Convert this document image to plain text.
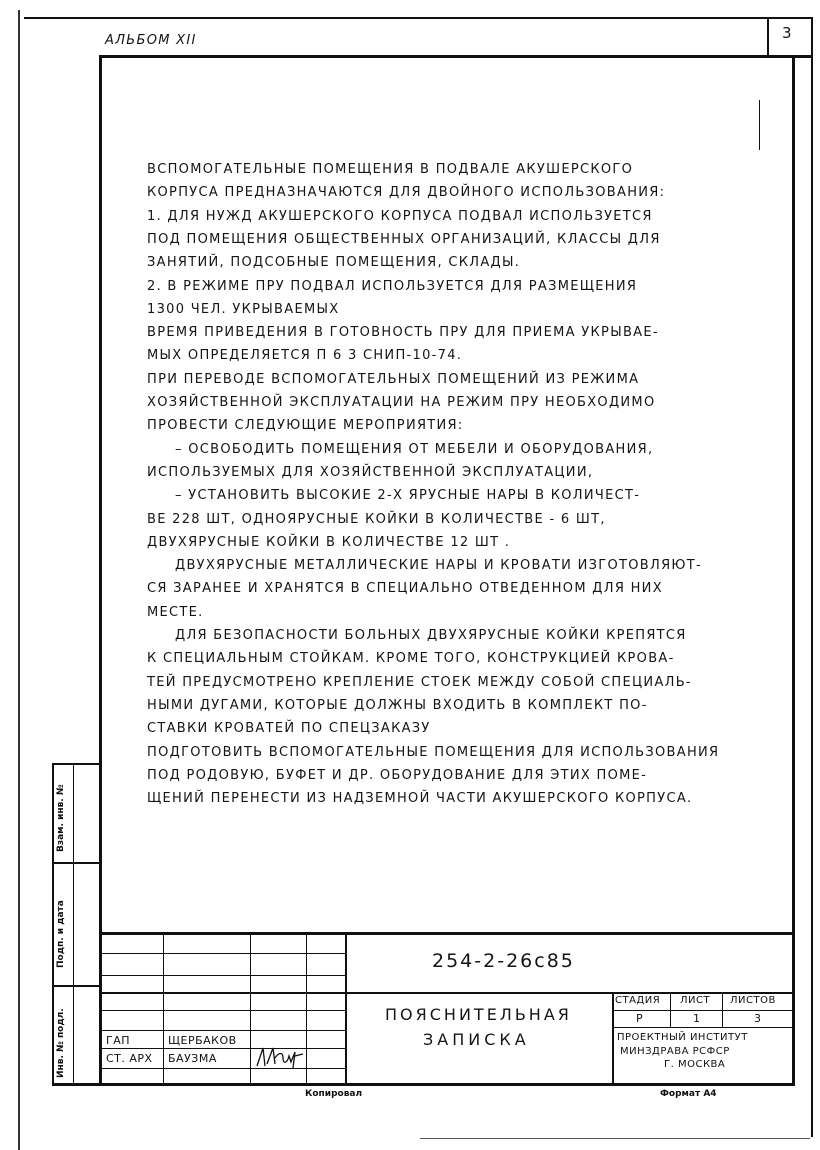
3
АЛЬБОМ XII
ВСПОМОГАТЕЛЬНЫЕ ПОМЕЩЕНИЯ В ПОДВАЛЕ АКУШЕРСКОГО
КОРПУСА ПРЕДНАЗНАЧАЮТСЯ ДЛЯ ДВОЙНОГО ИСПОЛЬЗОВАНИЯ:
1. ДЛЯ НУЖД АКУШЕРСКОГО КОРПУСА ПОДВАЛ ИСПОЛЬЗУЕТСЯ
ПОД ПОМЕЩЕНИЯ ОБЩЕСТВЕННЫХ ОРГАНИЗАЦИЙ, КЛАССЫ ДЛЯ
ЗАНЯТИЙ, ПОДСОБНЫЕ ПОМЕЩЕНИЯ, СКЛАДЫ.
2. В РЕЖИМЕ ПРУ ПОДВАЛ ИСПОЛЬЗУЕТСЯ ДЛЯ РАЗМЕЩЕНИЯ
1300 ЧЕЛ. УКРЫВАЕМЫХ
ВРЕМЯ ПРИВЕДЕНИЯ В ГОТОВНОСТЬ ПРУ ДЛЯ ПРИЕМА УКРЫВАЕ-
МЫХ ОПРЕДЕЛЯЕТСЯ П 6 3 СНИП-10-74.
ПРИ ПЕРЕВОДЕ ВСПОМОГАТЕЛЬНЫХ ПОМЕЩЕНИЙ ИЗ РЕЖИМА
ХОЗЯЙСТВЕННОЙ ЭКСПЛУАТАЦИИ НА РЕЖИМ ПРУ НЕОБХОДИМО
ПРОВЕСТИ СЛЕДУЮЩИЕ МЕРОПРИЯТИЯ:
– ОСВОБОДИТЬ ПОМЕЩЕНИЯ ОТ МЕБЕЛИ И ОБОРУДОВАНИЯ,
ИСПОЛЬЗУЕМЫХ ДЛЯ ХОЗЯЙСТВЕННОЙ ЭКСПЛУАТАЦИИ,
– УСТАНОВИТЬ ВЫСОКИЕ 2-Х ЯРУСНЫЕ НАРЫ В КОЛИЧЕСТ-
ВЕ 228 ШТ, ОДНОЯРУСНЫЕ КОЙКИ В КОЛИЧЕСТВЕ - 6 ШТ,
ДВУХЯРУСНЫЕ КОЙКИ В КОЛИЧЕСТВЕ 12 ШТ .
ДВУХЯРУСНЫЕ МЕТАЛЛИЧЕСКИЕ НАРЫ И КРОВАТИ ИЗГОТОВЛЯЮТ-
СЯ ЗАРАНЕЕ И ХРАНЯТСЯ В СПЕЦИАЛЬНО ОТВЕДЕННОМ ДЛЯ НИХ
МЕСТЕ.
ДЛЯ БЕЗОПАСНОСТИ БОЛЬНЫХ ДВУХЯРУСНЫЕ КОЙКИ КРЕПЯТСЯ
К СПЕЦИАЛЬНЫМ СТОЙКАМ. КРОМЕ ТОГО, КОНСТРУКЦИЕЙ КРОВА-
ТЕЙ ПРЕДУСМОТРЕНО КРЕПЛЕНИЕ СТОЕК МЕЖДУ СОБОЙ СПЕЦИАЛЬ-
НЫМИ ДУГАМИ, КОТОРЫЕ ДОЛЖНЫ ВХОДИТЬ В КОМПЛЕКТ ПО-
СТАВКИ КРОВАТЕЙ ПО СПЕЦЗАКАЗУ
ПОДГОТОВИТЬ ВСПОМОГАТЕЛЬНЫЕ ПОМЕЩЕНИЯ ДЛЯ ИСПОЛЬЗОВАНИЯ
ПОД РОДОВУЮ, БУФЕТ И ДР. ОБОРУДОВАНИЕ ДЛЯ ЭТИХ ПОМЕ-
ЩЕНИЙ ПЕРЕНЕСТИ ИЗ НАДЗЕМНОЙ ЧАСТИ АКУШЕРСКОГО КОРПУСА.
Взам. инв. №
Подп. и дата
Инв. № подл.
254-2-26с85
ПОЯСНИТЕЛЬНАЯ
ЗАПИСКА
СТАДИЯ ЛИСТ ЛИСТОВ
Р	1	3
ПРОЕКТНЫЙ ИНСТИТУТ
МИНЗДРАВА РСФСР
Г. МОСКВА
ГАП	ЩЕРБАКОВ
СТ. АРХ БАУЗМА
Копировал	Формат А4
